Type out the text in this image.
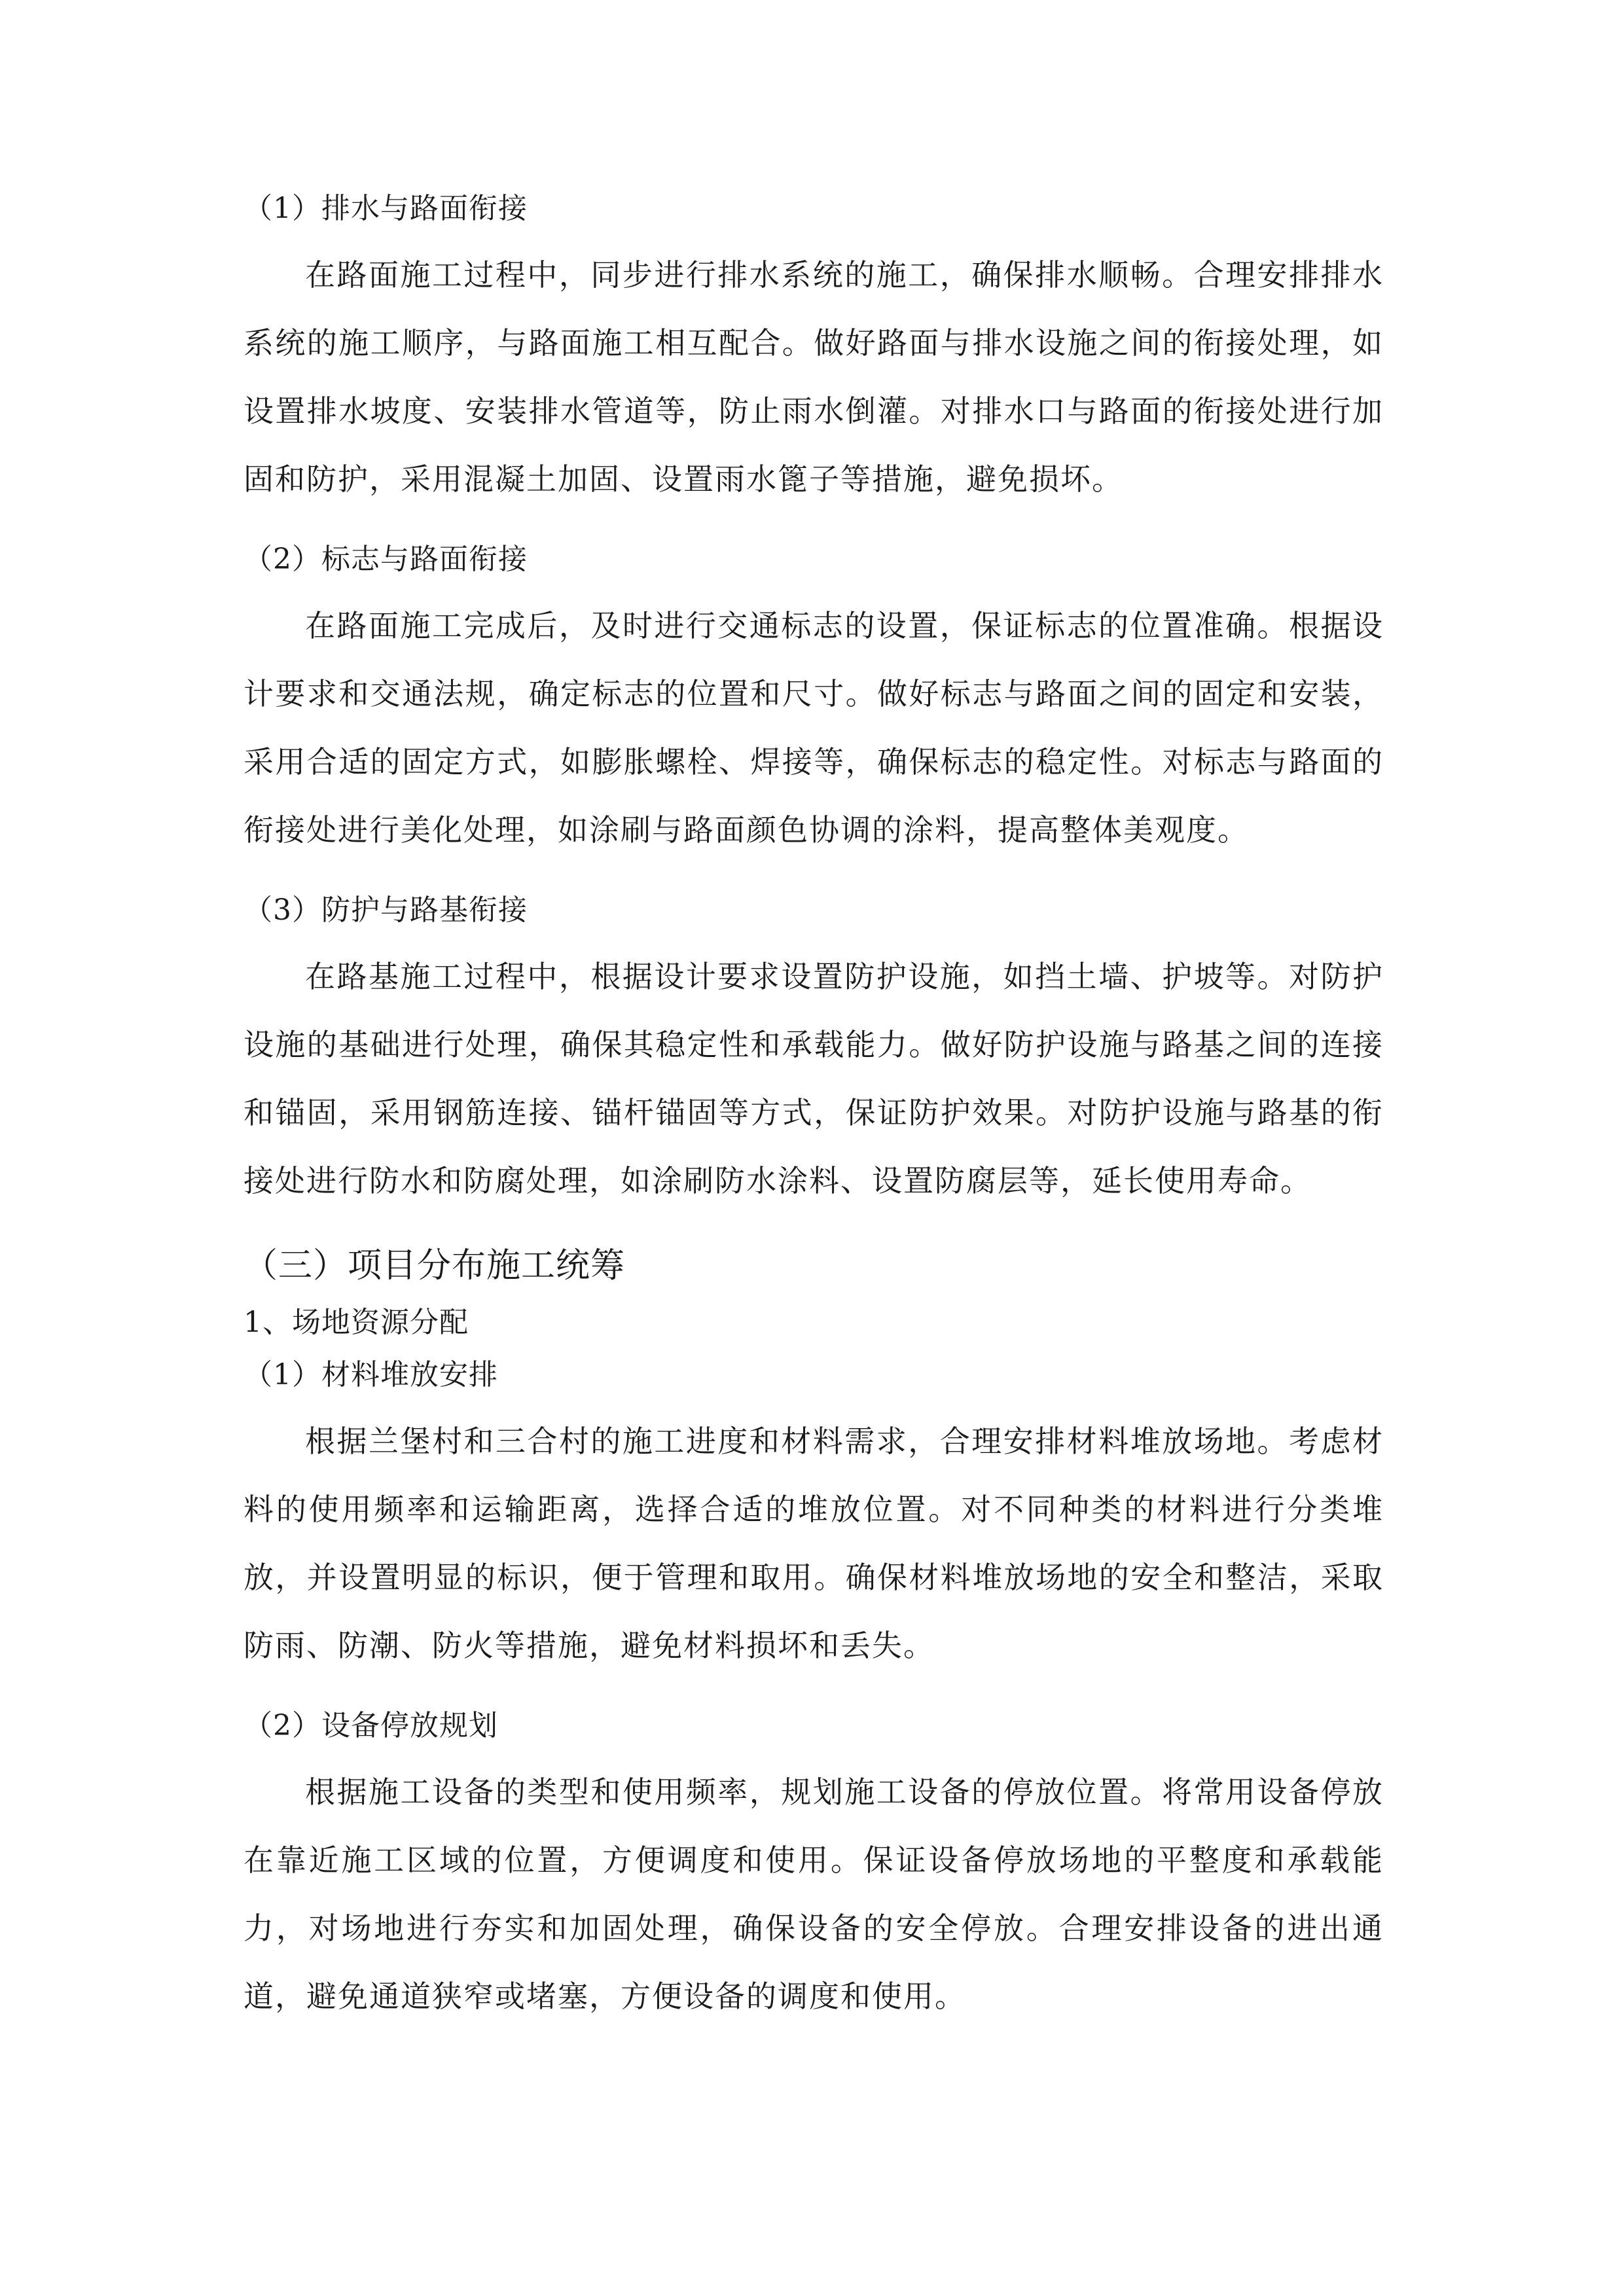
（1）排水与路面衔接

在路面施工过程中，同步进行排水系统的施工，确保排水顺畅。合理安排排水系统的施工顺序，与路面施工相互配合。做好路面与排水设施之间的衔接处理，如设置排水坡度、安装排水管道等，防止雨水倒灌。对排水口与路面的衔接处进行加固和防护，采用混凝土加固、设置雨水篦子等措施，避免损坏。

（2）标志与路面衔接

在路面施工完成后，及时进行交通标志的设置，保证标志的位置准确。根据设计要求和交通法规，确定标志的位置和尺寸。做好标志与路面之间的固定和安装，采用合适的固定方式，如膨胀螺栓、焊接等，确保标志的稳定性。对标志与路面的衔接处进行美化处理，如涂刷与路面颜色协调的涂料，提高整体美观度。

（3）防护与路基衔接

在路基施工过程中，根据设计要求设置防护设施，如挡土墙、护坡等。对防护设施的基础进行处理，确保其稳定性和承载能力。做好防护设施与路基之间的连接和锚固，采用钢筋连接、锚杆锚固等方式，保证防护效果。对防护设施与路基的衔接处进行防水和防腐处理，如涂刷防水涂料、设置防腐层等，延长使用寿命。

（三）项目分布施工统筹

1、场地资源分配

（1）材料堆放安排

根据兰堡村和三合村的施工进度和材料需求，合理安排材料堆放场地。考虑材料的使用频率和运输距离，选择合适的堆放位置。对不同种类的材料进行分类堆放，并设置明显的标识，便于管理和取用。确保材料堆放场地的安全和整洁，采取防雨、防潮、防火等措施，避免材料损坏和丢失。

（2）设备停放规划

根据施工设备的类型和使用频率，规划施工设备的停放位置。将常用设备停放在靠近施工区域的位置，方便调度和使用。保证设备停放场地的平整度和承载能力，对场地进行夯实和加固处理，确保设备的安全停放。合理安排设备的进出通道，避免通道狭窄或堵塞，方便设备的调度和使用。
